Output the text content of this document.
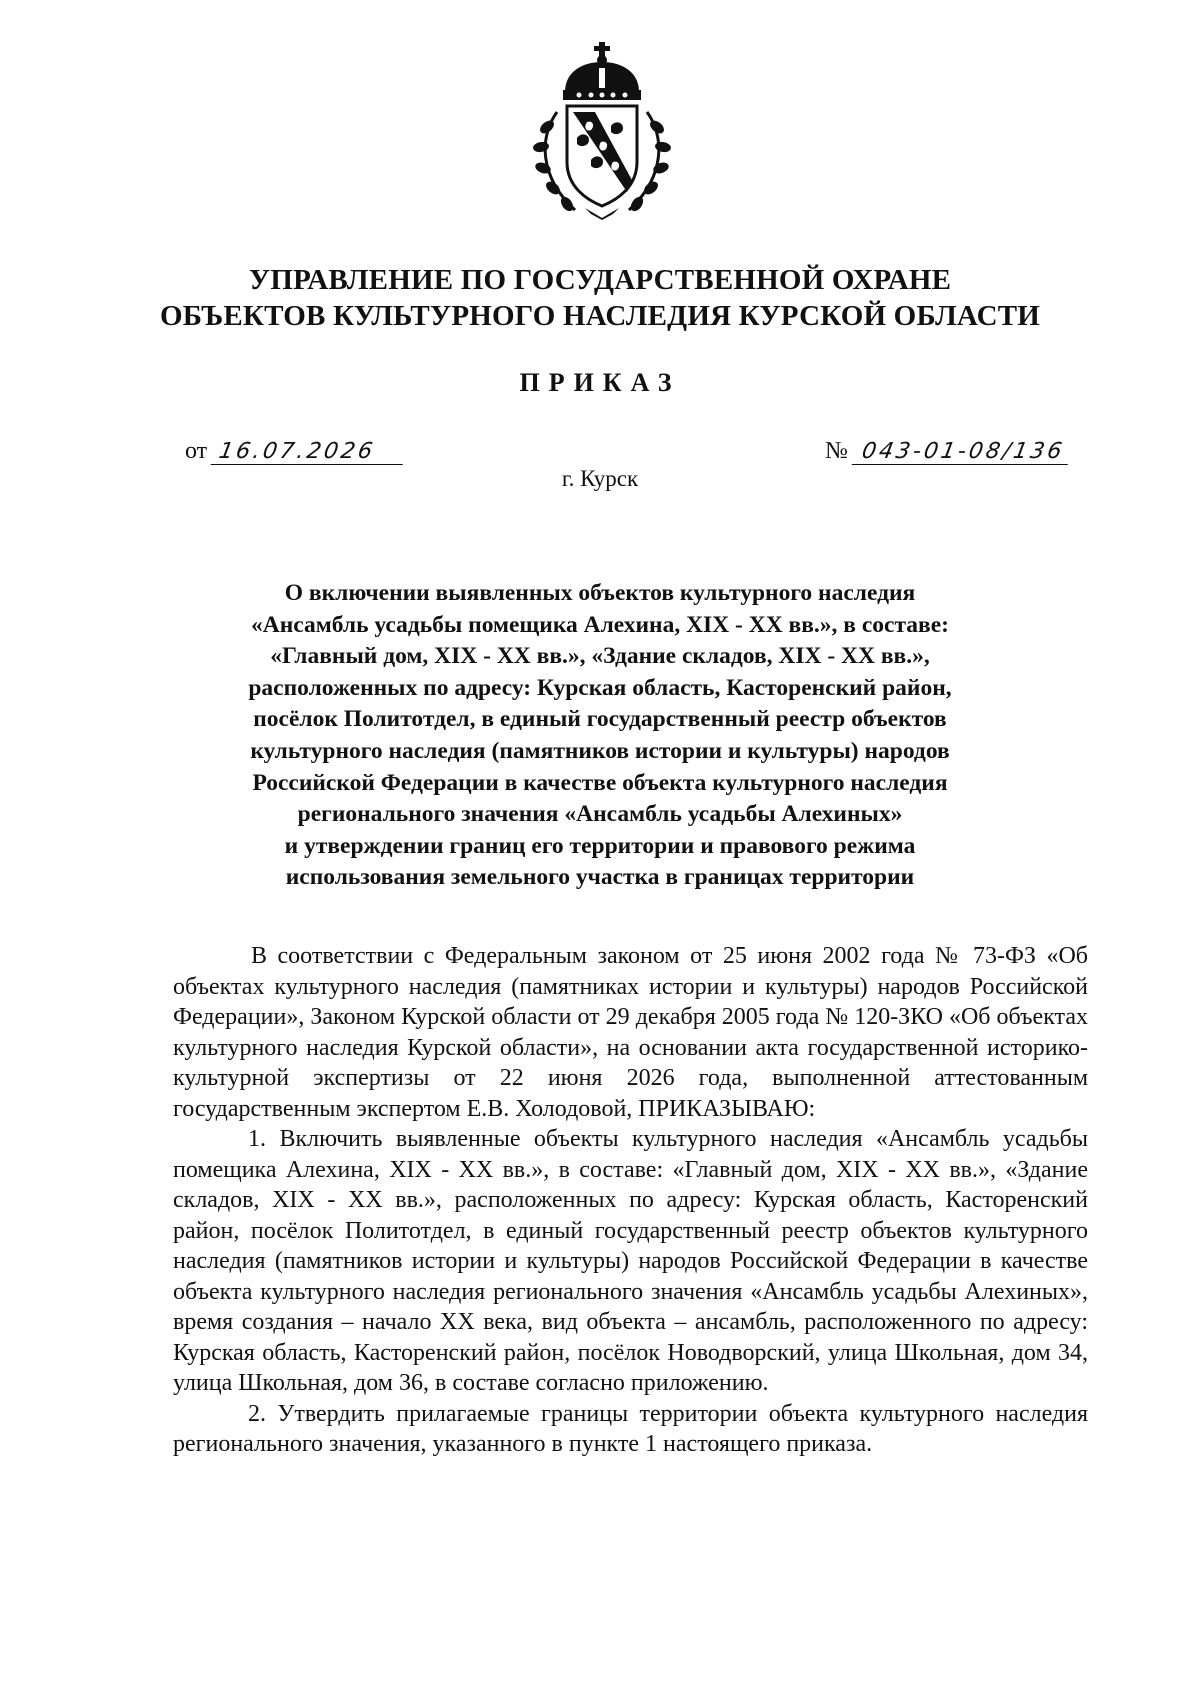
УПРАВЛЕНИЕ ПО ГОСУДАРСТВЕННОЙ ОХРАНЕ
ОБЪЕКТОВ КУЛЬТУРНОГО НАСЛЕДИЯ КУРСКОЙ ОБЛАСТИ
ПРИКАЗ
от 16.07.2026	№ 043-01-08/136
г. Курск
О включении выявленных объектов культурного наследия
«Ансамбль усадьбы помещика Алехина, XIX - XX вв.», в составе:
«Главный дом, XIX - XX вв.», «Здание складов, XIX - XX вв.»,
расположенных по адресу: Курская область, Касторенский район,
посёлок Политотдел, в единый государственный реестр объектов
культурного наследия (памятников истории и культуры) народов
Российской Федерации в качестве объекта культурного наследия
регионального значения «Ансамбль усадьбы Алехиных»
и утверждении границ его территории и правового режима
использования земельного участка в границах территории

В соответствии с Федеральным законом от 25 июня 2002 года № 73-ФЗ «Об объектах культурного наследия (памятниках истории и культуры) народов Российской Федерации», Законом Курской области от 29 декабря 2005 года № 120-ЗКО «Об объектах культурного наследия Курской области», на основании акта государственной историко-культурной экспертизы от 22 июня 2026 года, выполненной аттестованным государственным экспертом Е.В. Холодовой, ПРИКАЗЫВАЮ:

1. Включить выявленные объекты культурного наследия «Ансамбль усадьбы помещика Алехина, XIX - XX вв.», в составе: «Главный дом, XIX - XX вв.», «Здание складов, XIX - XX вв.», расположенных по адресу: Курская область, Касторенский район, посёлок Политотдел, в единый государственный реестр объектов культурного наследия (памятников истории и культуры) народов Российской Федерации в качестве объекта культурного наследия регионального значения «Ансамбль усадьбы Алехиных», время создания – начало XX века, вид объекта – ансамбль, расположенного по адресу: Курская область, Касторенский район, посёлок Новодворский, улица Школьная, дом 34, улица Школьная, дом 36, в составе согласно приложению.

2. Утвердить прилагаемые границы территории объекта культурного наследия регионального значения, указанного в пункте 1 настоящего приказа.
